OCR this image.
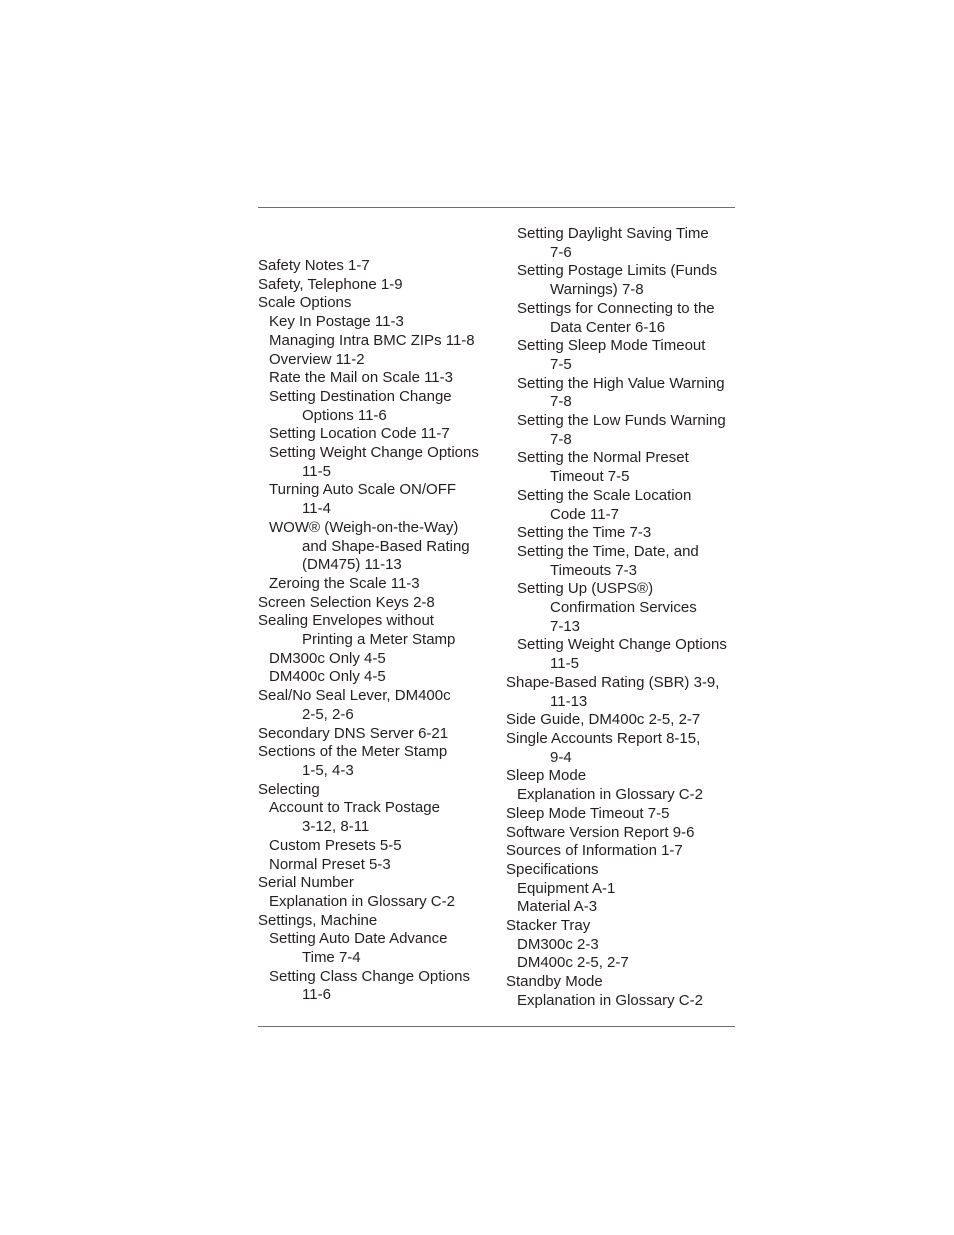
Safety Notes 1-7
Safety, Telephone 1-9
Scale Options
Key In Postage 11-3
Managing Intra BMC ZIPs 11-8
Overview 11-2
Rate the Mail on Scale 11-3
Setting Destination Change
Options 11-6
Setting Location Code 11-7
Setting Weight Change Options
11-5
Turning Auto Scale ON/OFF
11-4
WOW® (Weigh-on-the-Way)
and Shape-Based Rating
(DM475) 11-13
Zeroing the Scale 11-3
Screen Selection Keys 2-8
Sealing Envelopes without
Printing a Meter Stamp
DM300c Only 4-5
DM400c Only 4-5
Seal/No Seal Lever, DM400c
2-5, 2-6
Secondary DNS Server 6-21
Sections of the Meter Stamp
1-5, 4-3
Selecting
Account to Track Postage
3-12, 8-11
Custom Presets 5-5
Normal Preset 5-3
Serial Number
Explanation in Glossary C-2
Settings, Machine
Setting Auto Date Advance
Time 7-4
Setting Class Change Options
11-6
Setting Daylight Saving Time
7-6
Setting Postage Limits (Funds
Warnings) 7-8
Settings for Connecting to the
Data Center 6-16
Setting Sleep Mode Timeout
7-5
Setting the High Value Warning
7-8
Setting the Low Funds Warning
7-8
Setting the Normal Preset
Timeout 7-5
Setting the Scale Location
Code 11-7
Setting the Time 7-3
Setting the Time, Date, and
Timeouts 7-3
Setting Up (USPS®)
Confirmation Services
7-13
Setting Weight Change Options
11-5
Shape-Based Rating (SBR) 3-9,
11-13
Side Guide, DM400c 2-5, 2-7
Single Accounts Report 8-15,
9-4
Sleep Mode
Explanation in Glossary C-2
Sleep Mode Timeout 7-5
Software Version Report 9-6
Sources of Information 1-7
Specifications
Equipment A-1
Material A-3
Stacker Tray
DM300c 2-3
DM400c 2-5, 2-7
Standby Mode
Explanation in Glossary C-2
